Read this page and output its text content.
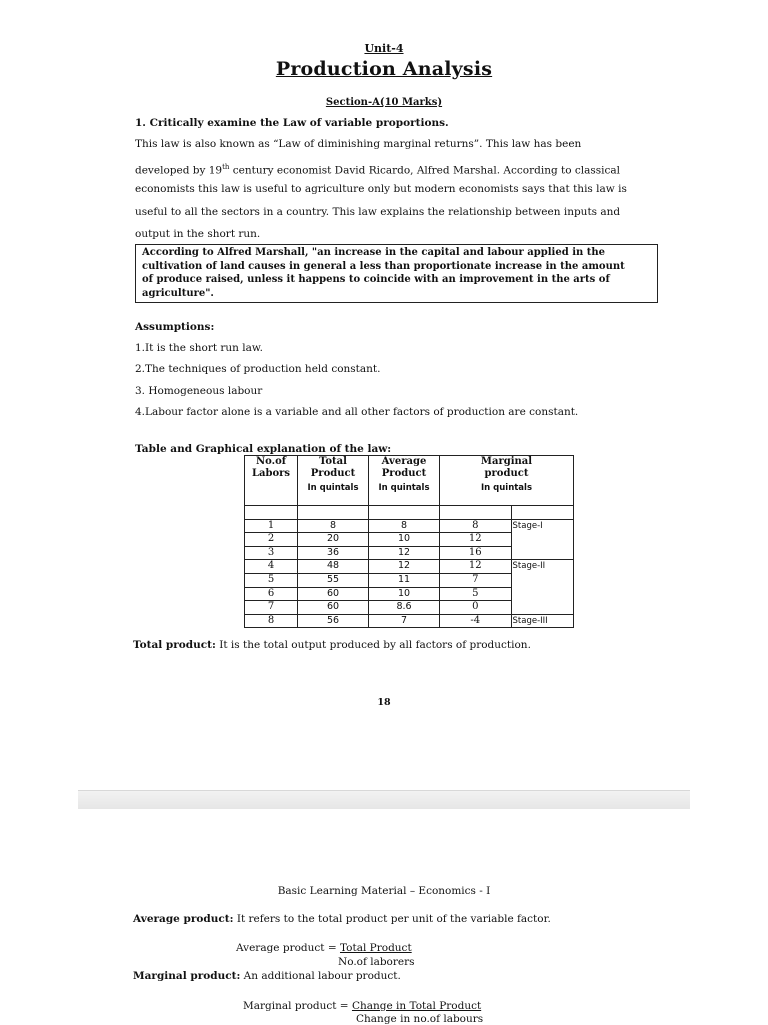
Unit-4
Production Analysis
Section-A(10 Marks)
1. Critically examine the Law of variable proportions.
This law is also known as “Law of diminishing marginal returns”. This law has been
developed by 19th century economist David Ricardo, Alfred Marshal. According to classical
economists this law is useful to agriculture only but modern economists says that this law is
useful to all the sectors in a country. This law explains the relationship between inputs and
output in the short run.
According to Alfred Marshall, "an increase in the capital and labour applied in the
cultivation of land causes in general a less than proportionate increase in the amount
of produce raised, unless it happens to coincide with an improvement in the arts of
agriculture".
Assumptions:
1.It is the short run law.
2.The techniques of production held constant.
3. Homogeneous labour
4.Labour factor alone is a variable and all other factors of production are constant.
Table and Graphical explanation of the law:
No.of
Labors	Total
Product
In quintals	Average
Product
In quintals	Marginal
product
In quintals	

1	8	8	8	Stage-I
2	20	10	12	
3	36	12	16	
4	48	12	12	Stage-II
5	55	11	7	
6	60	10	5	
7	60	8.6	0	
8	56	7	-4	Stage-III
Total product: It is the total output produced by all factors of production.
18
Basic Learning Material – Economics - I
Average product: It refers to the total product per unit of the variable factor.
Average product = Total Product
No.of laborers
Marginal product: An additional labour product.
Marginal product = Change in Total Product
Change in no.of labours
